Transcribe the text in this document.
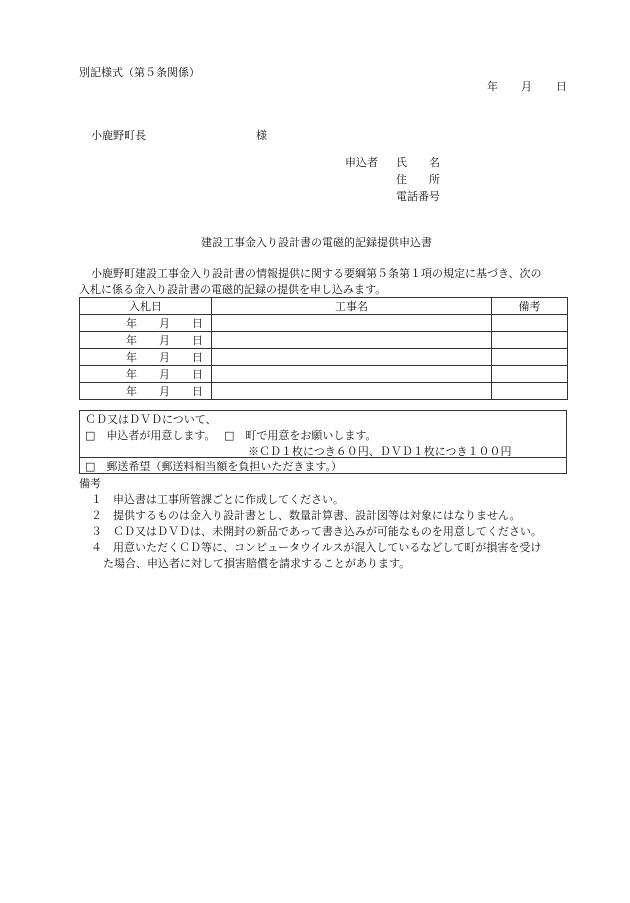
別記様式（第５条関係）
年 月 日
小鹿野町長	様
申込者 氏　　名
住　　所
電話番号
建設工事金入り設計書の電磁的記録提供申込書
小鹿野町建設工事金入り設計書の情報提供に関する要綱第５条第１項の規定に基づき、次の
入札に係る金入り設計書の電磁的記録の提供を申し込みます。
入札日	工事名	備考
年　　月　　日		
年　　月　　日		
年　　月　　日		
年　　月　　日		
年　　月　　日		
ＣＤ又はＤＶＤについて、
□　申込者が用意します。 □　町で用意をお願いします。
※ＣＤ１枚につき６０円、ＤＶＤ１枚につき１００円
□　郵送希望（郵送料相当額を負担いただきます。）
備考
１　申込書は工事所管課ごとに作成してください。
２　提供するものは金入り設計書とし、数量計算書、設計図等は対象にはなりません。
３　ＣＤ又はＤＶＤは、未開封の新品であって書き込みが可能なものを用意してください。
４　用意いただくＣＤ等に、コンピュータウイルスが混入しているなどして町が損害を受け
た場合、申込者に対して損害賠償を請求することがあります。
